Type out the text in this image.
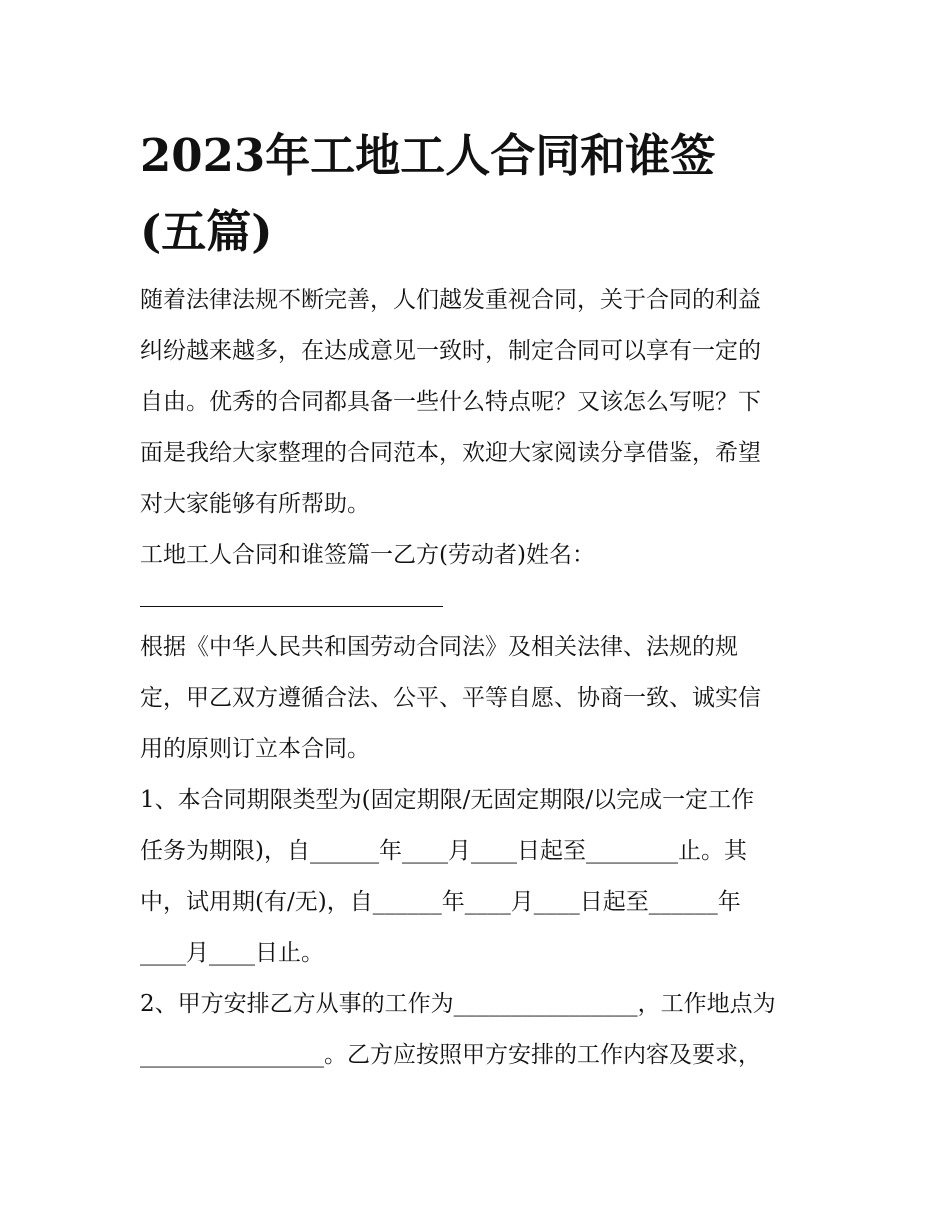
2023年工地工人合同和谁签
(五篇)
随着法律法规不断完善，人们越发重视合同，关于合同的利益
纠纷越来越多，在达成意见一致时，制定合同可以享有一定的
自由。优秀的合同都具备一些什么特点呢？又该怎么写呢？下
面是我给大家整理的合同范本，欢迎大家阅读分享借鉴，希望
对大家能够有所帮助。
工地工人合同和谁签篇一乙方(劳动者)姓名：
根据《中华人民共和国劳动合同法》及相关法律、法规的规
定，甲乙双方遵循合法、公平、平等自愿、协商一致、诚实信
用的原则订立本合同。
1、本合同期限类型为(固定期限/无固定期限/以完成一定工作
任务为期限)，自______年____月____日起至________止。其
中，试用期(有/无)，自______年____月____日起至______年
____月____日止。
2、甲方安排乙方从事的工作为________________，工作地点为
________________。乙方应按照甲方安排的工作内容及要求，
